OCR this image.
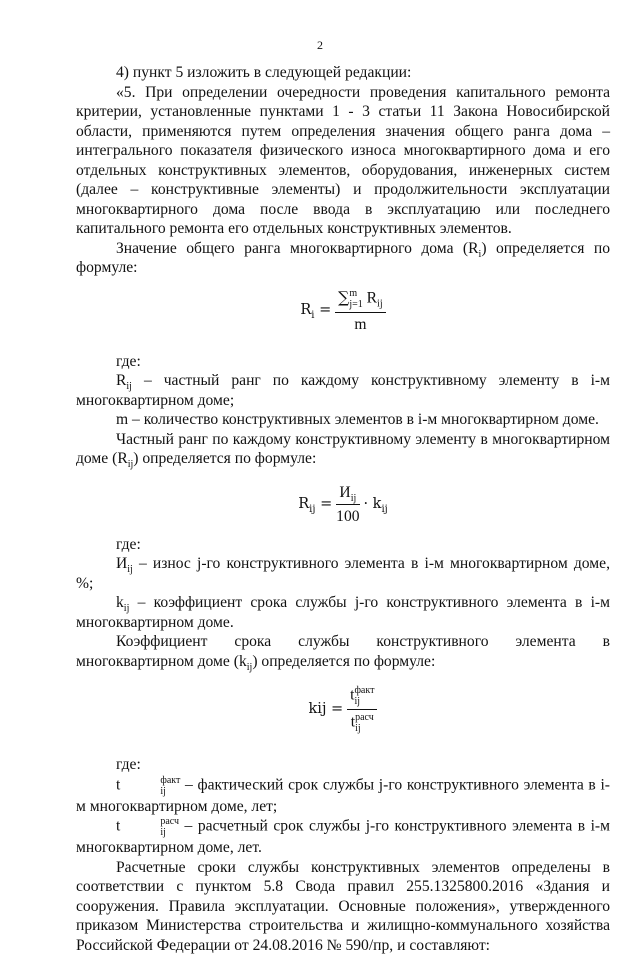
2

4) пункт 5 изложить в следующей редакции:

«5. При определении очередности проведения капитального ремонта критерии, установленные пунктами 1 - 3 статьи 11 Закона Новосибирской области, применяются путем определения значения общего ранга дома – интегрального показателя физического износа многоквартирного дома и его отдельных конструктивных элементов, оборудования, инженерных систем (далее – конструктивные элементы) и продолжительности эксплуатации многоквартирного дома после ввода в эксплуатацию или последнего капитального ремонта его отдельных конструктивных элементов.

Значение общего ранга многоквартирного дома $(R_i)$ определяется по формуле:

$R_i$ = ∑ m
j=1 $R_{ij}$
m

где:

$R_{ij}$ – частный ранг по каждому конструктивному элементу в i-м многоквартирном доме;

m – количество конструктивных элементов в i-м многоквартирном доме.

Частный ранг по каждому конструктивному элементу в многоквартирном доме $(R_{ij})$ определяется по формуле:

$R_{ij} = \frac{И_{ij}}{100} \cdot k_{ij}$

где:

$И_{ij}$ – износ j-го конструктивного элемента в i-м многоквартирном доме, %;

$k_{ij}$ – коэффициент срока службы j-го конструктивного элемента в i-м многоквартирном доме.

Коэффициент срока службы конструктивного элемента в многоквартирном доме $(k_{ij})$ определяется по формуле:

kij = t факт
ij
t расч
ij

где:

t	факт
ij – фактический срок службы j-го конструктивного элемента в i-м многоквартирном доме, лет;

t	расч
ij – расчетный срок службы j-го конструктивного элемента в i-м многоквартирном доме, лет.

Расчетные сроки службы конструктивных элементов определены в соответствии с пунктом 5.8 Свода правил 255.1325800.2016 «Здания и сооружения. Правила эксплуатации. Основные положения», утвержденного приказом Министерства строительства и жилищно-коммунального хозяйства Российской Федерации от 24.08.2016 № 590/пр, и составляют:
